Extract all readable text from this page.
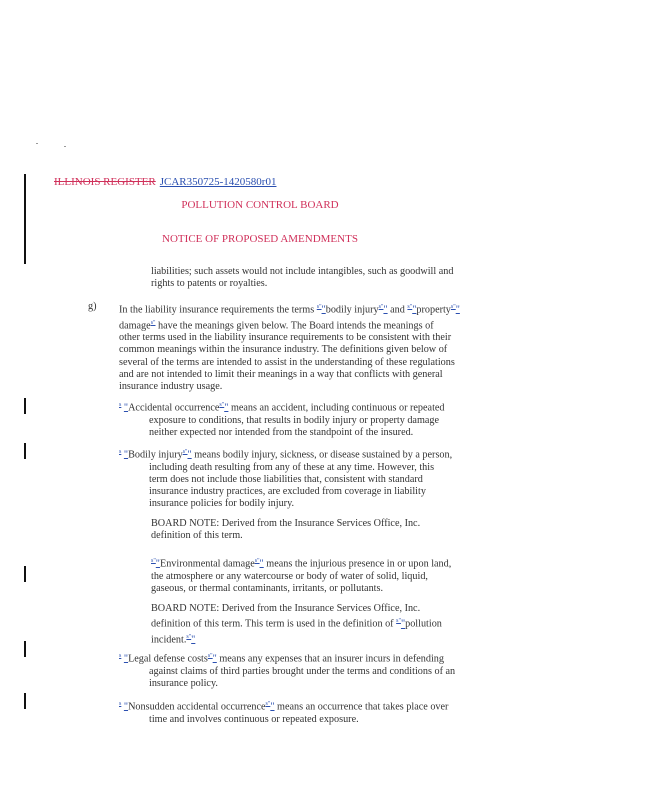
ILLINOIS REGISTER JCAR350725-1420580r01
POLLUTION CONTROL BOARD
NOTICE OF PROPOSED AMENDMENTS
liabilities; such assets would not include intangibles, such as goodwill and
rights to patents or royalties.
g) In the liability insurance requirements the terms $^{s"}$"bodily injury$^{s"}$" and $^{s"}$"property$^{s"}$"
damage$^{s"}$ have the meanings given below. The Board intends the meanings of
other terms used in the liability insurance requirements to be consistent with their
common meanings within the insurance industry. The definitions given below of
several of the terms are intended to assist in the understanding of these regulations
and are not intended to limit their meanings in a way that conflicts with general
insurance industry usage.
$^s$ "Accidental occurrence$^{s"}$" means an accident, including continuous or repeated
exposure to conditions, that results in bodily injury or property damage
neither expected nor intended from the standpoint of the insured.
$^s$ "Bodily injury$^{s"}$" means bodily injury, sickness, or disease sustained by a person,
including death resulting from any of these at any time. However, this
term does not include those liabilities that, consistent with standard
insurance industry practices, are excluded from coverage in liability
insurance policies for bodily injury.
BOARD NOTE: Derived from the Insurance Services Office, Inc.
definition of this term.
$^{s"}$"Environmental damage$^{s"}$" means the injurious presence in or upon land,
the atmosphere or any watercourse or body of water of solid, liquid,
gaseous, or thermal contaminants, irritants, or pollutants.
BOARD NOTE: Derived from the Insurance Services Office, Inc.
definition of this term. This term is used in the definition of $^{s"}$"pollution
incident.$^{s"}$"
$^s$ "Legal defense costs$^{s"}$" means any expenses that an insurer incurs in defending
against claims of third parties brought under the terms and conditions of an
insurance policy.
$^s$ "Nonsudden accidental occurrence$^{s"}$" means an occurrence that takes place over
time and involves continuous or repeated exposure.
